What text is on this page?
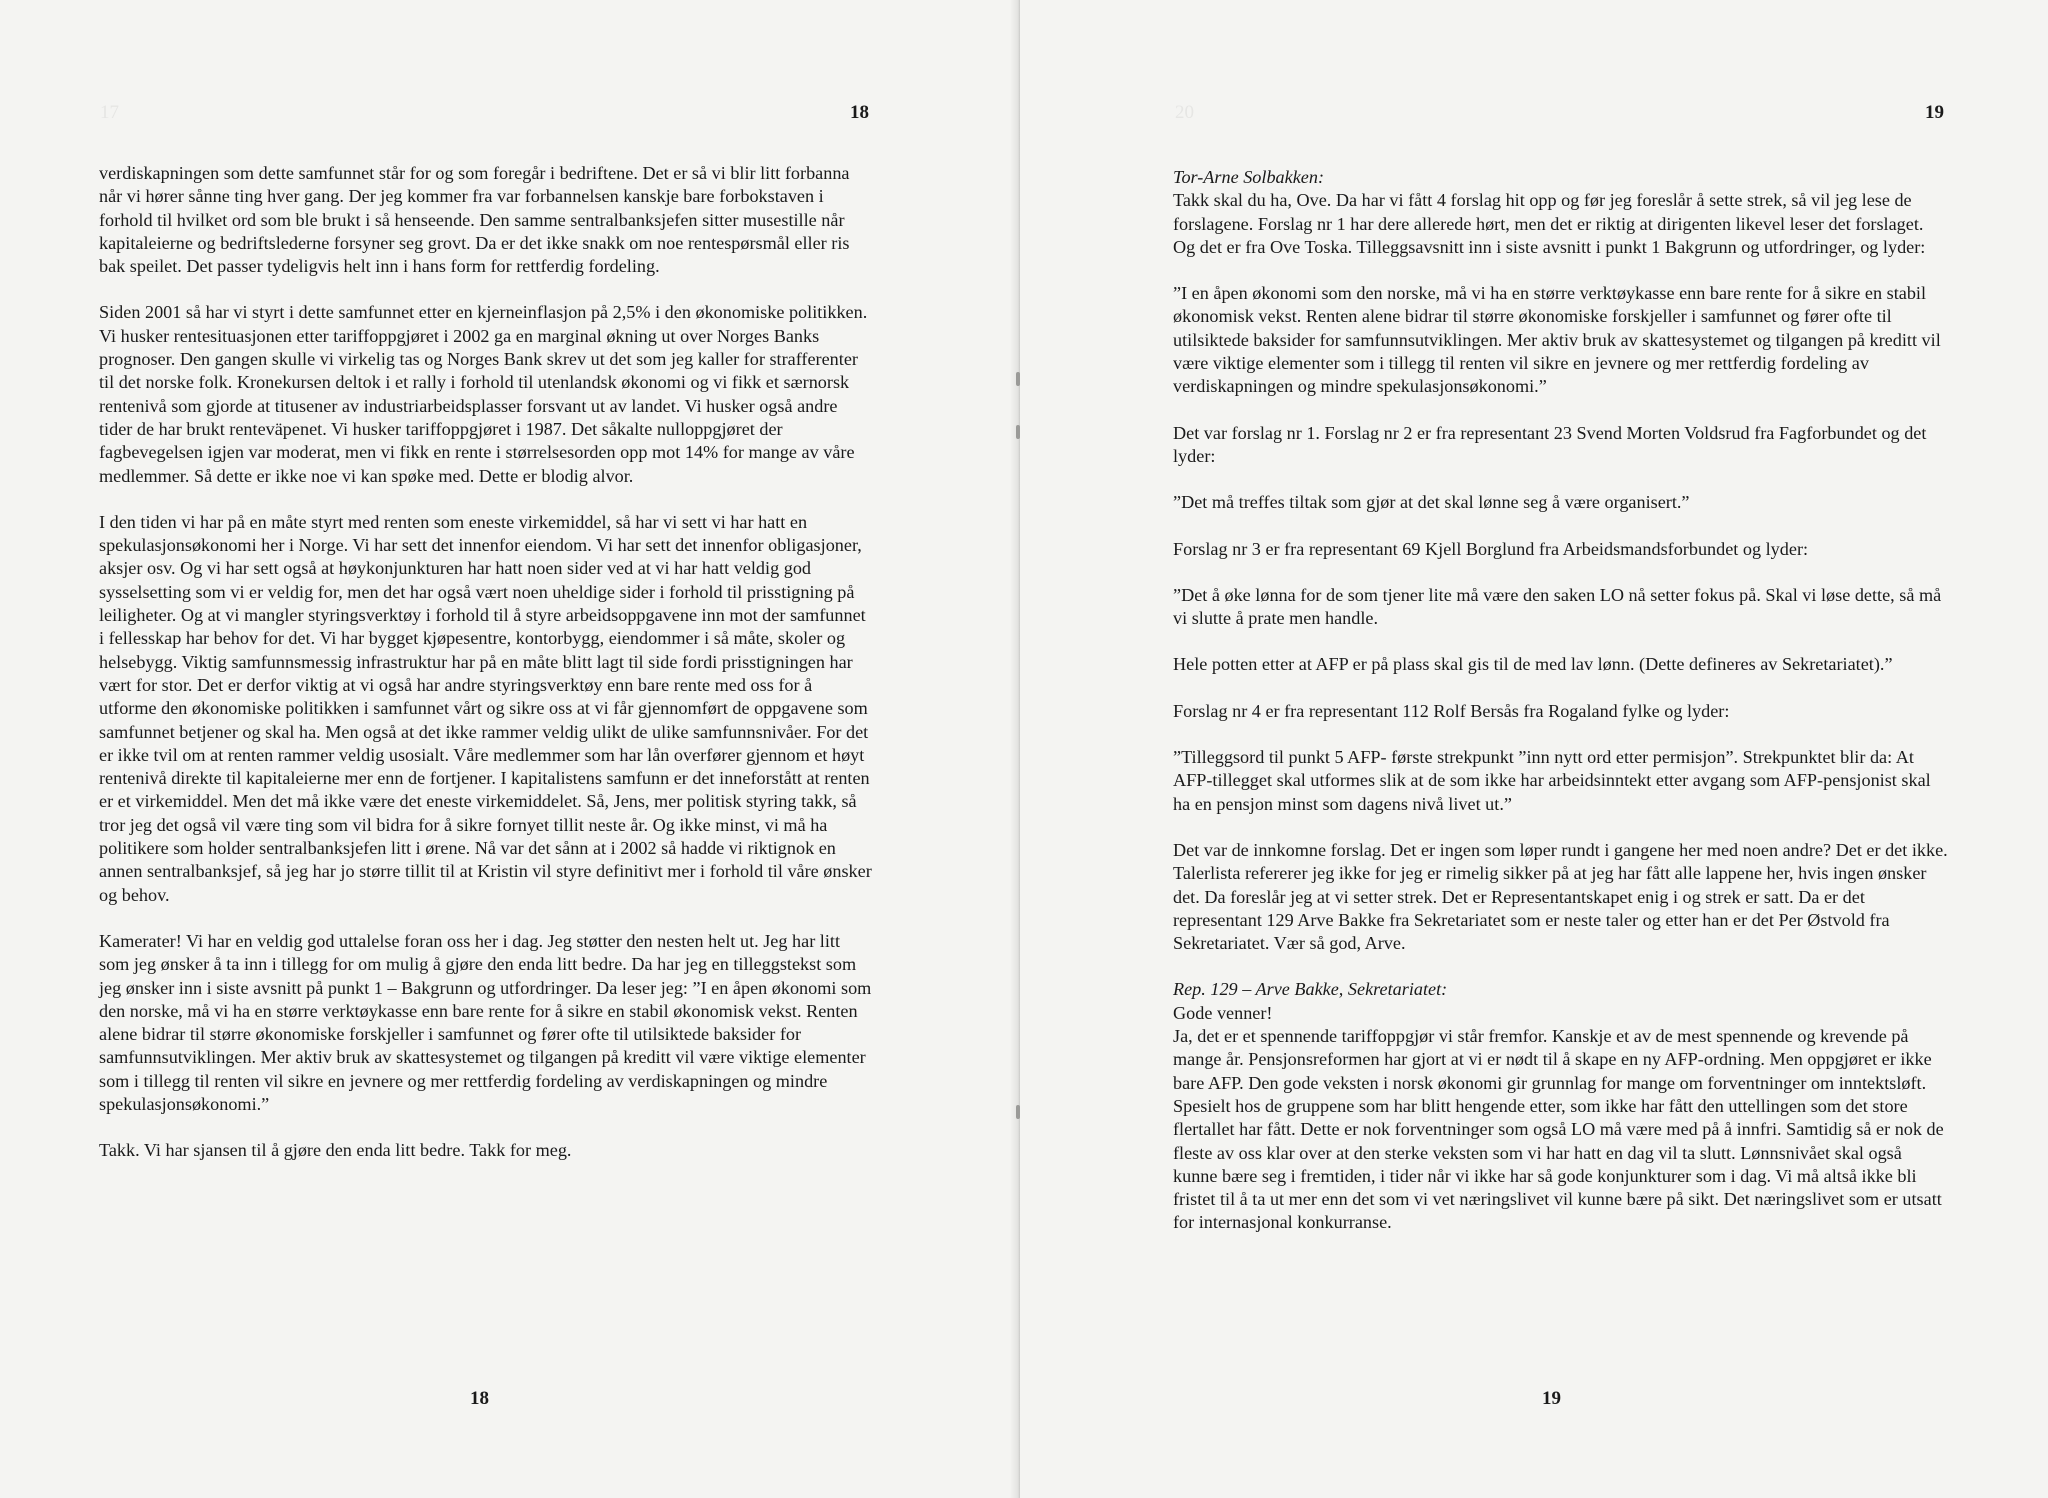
17	18

verdiskapningen som dette samfunnet står for og som foregår i bedriftene. Det er så vi blir litt forbanna når vi hører sånne ting hver gang. Der jeg kommer fra var forbannelsen kanskje bare forbokstaven i forhold til hvilket ord som ble brukt i så henseende. Den samme sentralbanksjefen sitter musestille når kapitaleierne og bedriftslederne forsyner seg grovt. Da er det ikke snakk om noe rentespørsmål eller ris bak speilet. Det passer tydeligvis helt inn i hans form for rettferdig fordeling.

Siden 2001 så har vi styrt i dette samfunnet etter en kjerneinflasjon på 2,5% i den økonomiske politikken. Vi husker rentesituasjonen etter tariffoppgjøret i 2002 ga en marginal økning ut over Norges Banks prognoser. Den gangen skulle vi virkelig tas og Norges Bank skrev ut det som jeg kaller for strafferenter til det norske folk. Kronekursen deltok i et rally i forhold til utenlandsk økonomi og vi fikk et særnorsk rentenivå som gjorde at titusener av industriarbeidsplasser forsvant ut av landet. Vi husker også andre tider de har brukt renteväpenet. Vi husker tariffoppgjøret i 1987. Det såkalte nulloppgjøret der fagbevegelsen igjen var moderat, men vi fikk en rente i størrelsesorden opp mot 14% for mange av våre medlemmer. Så dette er ikke noe vi kan spøke med. Dette er blodig alvor.

I den tiden vi har på en måte styrt med renten som eneste virkemiddel, så har vi sett vi har hatt en spekulasjonsøkonomi her i Norge. Vi har sett det innenfor eiendom. Vi har sett det innenfor obligasjoner, aksjer osv. Og vi har sett også at høykonjunkturen har hatt noen sider ved at vi har hatt veldig god sysselsetting som vi er veldig for, men det har også vært noen uheldige sider i forhold til prisstigning på leiligheter. Og at vi mangler styringsverktøy i forhold til å styre arbeidsoppgavene inn mot der samfunnet i fellesskap har behov for det. Vi har bygget kjøpesentre, kontorbygg, eiendommer i så måte, skoler og helsebygg. Viktig samfunnsmessig infrastruktur har på en måte blitt lagt til side fordi prisstigningen har vært for stor. Det er derfor viktig at vi også har andre styringsverktøy enn bare rente med oss for å utforme den økonomiske politikken i samfunnet vårt og sikre oss at vi får gjennomført de oppgavene som samfunnet betjener og skal ha. Men også at det ikke rammer veldig ulikt de ulike samfunnsnivåer. For det er ikke tvil om at renten rammer veldig usosialt. Våre medlemmer som har lån overfører gjennom et høyt rentenivå direkte til kapitaleierne mer enn de fortjener. I kapitalistens samfunn er det inneforstått at renten er et virkemiddel. Men det må ikke være det eneste virkemiddelet. Så, Jens, mer politisk styring takk, så tror jeg det også vil være ting som vil bidra for å sikre fornyet tillit neste år. Og ikke minst, vi må ha politikere som holder sentralbanksjefen litt i ørene. Nå var det sånn at i 2002 så hadde vi riktignok en annen sentralbanksjef, så jeg har jo større tillit til at Kristin vil styre definitivt mer i forhold til våre ønsker og behov.

Kamerater! Vi har en veldig god uttalelse foran oss her i dag. Jeg støtter den nesten helt ut. Jeg har litt som jeg ønsker å ta inn i tillegg for om mulig å gjøre den enda litt bedre. Da har jeg en tilleggstekst som jeg ønsker inn i siste avsnitt på punkt 1 – Bakgrunn og utfordringer. Da leser jeg: ”I en åpen økonomi som den norske, må vi ha en større verktøykasse enn bare rente for å sikre en stabil økonomisk vekst. Renten alene bidrar til større økonomiske forskjeller i samfunnet og fører ofte til utilsiktede baksider for samfunnsutviklingen. Mer aktiv bruk av skattesystemet og tilgangen på kreditt vil være viktige elementer som i tillegg til renten vil sikre en jevnere og mer rettferdig fordeling av verdiskapningen og mindre spekulasjonsøkonomi.”

Takk. Vi har sjansen til å gjøre den enda litt bedre. Takk for meg.

18
20	19

Tor-Arne Solbakken:

Takk skal du ha, Ove. Da har vi fått 4 forslag hit opp og før jeg foreslår å sette strek, så vil jeg lese de forslagene. Forslag nr 1 har dere allerede hørt, men det er riktig at dirigenten likevel leser det forslaget. Og det er fra Ove Toska. Tilleggsavsnitt inn i siste avsnitt i punkt 1 Bakgrunn og utfordringer, og lyder:

”I en åpen økonomi som den norske, må vi ha en større verktøykasse enn bare rente for å sikre en stabil økonomisk vekst. Renten alene bidrar til større økonomiske forskjeller i samfunnet og fører ofte til utilsiktede baksider for samfunnsutviklingen. Mer aktiv bruk av skattesystemet og tilgangen på kreditt vil være viktige elementer som i tillegg til renten vil sikre en jevnere og mer rettferdig fordeling av verdiskapningen og mindre spekulasjonsøkonomi.”

Det var forslag nr 1. Forslag nr 2 er fra representant 23 Svend Morten Voldsrud fra Fagforbundet og det lyder:

”Det må treffes tiltak som gjør at det skal lønne seg å være organisert.”

Forslag nr 3 er fra representant 69 Kjell Borglund fra Arbeidsmandsforbundet og lyder:

”Det å øke lønna for de som tjener lite må være den saken LO nå setter fokus på. Skal vi løse dette, så må vi slutte å prate men handle.

Hele potten etter at AFP er på plass skal gis til de med lav lønn. (Dette defineres av Sekretariatet).”

Forslag nr 4 er fra representant 112 Rolf Bersås fra Rogaland fylke og lyder:

”Tilleggsord til punkt 5 AFP- første strekpunkt ”inn nytt ord etter permisjon”. Strekpunktet blir da: At AFP-tillegget skal utformes slik at de som ikke har arbeidsinntekt etter avgang som AFP-pensjonist skal ha en pensjon minst som dagens nivå livet ut.”

Det var de innkomne forslag. Det er ingen som løper rundt i gangene her med noen andre? Det er det ikke. Talerlista refererer jeg ikke for jeg er rimelig sikker på at jeg har fått alle lappene her, hvis ingen ønsker det. Da foreslår jeg at vi setter strek. Det er Representantskapet enig i og strek er satt. Da er det representant 129 Arve Bakke fra Sekretariatet som er neste taler og etter han er det Per Østvold fra Sekretariatet. Vær så god, Arve.

Rep. 129 – Arve Bakke, Sekretariatet:

Gode venner!

Ja, det er et spennende tariffoppgjør vi står fremfor. Kanskje et av de mest spennende og krevende på mange år. Pensjonsreformen har gjort at vi er nødt til å skape en ny AFP-ordning. Men oppgjøret er ikke bare AFP. Den gode veksten i norsk økonomi gir grunnlag for mange om forventninger om inntektsløft. Spesielt hos de gruppene som har blitt hengende etter, som ikke har fått den uttellingen som det store flertallet har fått. Dette er nok forventninger som også LO må være med på å innfri. Samtidig så er nok de fleste av oss klar over at den sterke veksten som vi har hatt en dag vil ta slutt. Lønnsnivået skal også kunne bære seg i fremtiden, i tider når vi ikke har så gode konjunkturer som i dag. Vi må altså ikke bli fristet til å ta ut mer enn det som vi vet næringslivet vil kunne bære på sikt. Det næringslivet som er utsatt for internasjonal konkurranse.

19
